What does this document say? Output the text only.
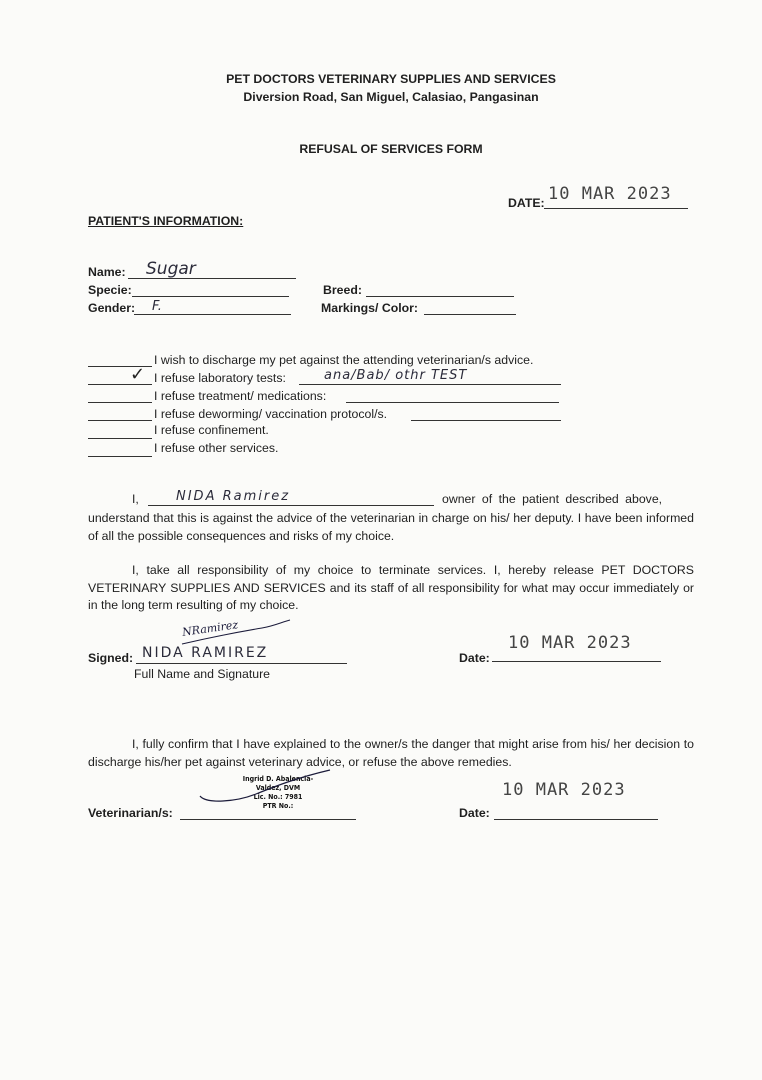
PET DOCTORS VETERINARY SUPPLIES AND SERVICES
Diversion Road, San Miguel, Calasiao, Pangasinan
REFUSAL OF SERVICES FORM
DATE: 10 MAR 2023
PATIENT'S INFORMATION:
Name: Sugar
Specie:
Gender: F.
Breed:
Markings/ Color:
I wish to discharge my pet against the attending veterinarian/s advice.
✓ I refuse laboratory tests:	ana/Bab/ othr TEST
I refuse treatment/ medications:
I refuse deworming/ vaccination protocol/s.
I refuse confinement.
I refuse other services.
I,	NIDA Ramirez	owner of the patient described above,
understand that this is against the advice of the veterinarian in charge on his/ her deputy. I have been informed of all the possible consequences and risks of my choice.
I, take all responsibility of my choice to terminate services. I, hereby release PET DOCTORS VETERINARY SUPPLIES AND SERVICES and its staff of all responsibility for what may occur immediately or in the long term resulting of my choice.
NRamirez
Signed: NIDA RAMIREZ
Full Name and Signature
Date:
10 MAR 2023
I, fully confirm that I have explained to the owner/s the danger that might arise from his/ her decision to discharge his/her pet against veterinary advice, or refuse the above remedies.
Ingrid D. Abalencia-Valdez, DVM
Lic. No.: 7981
PTR No.:
Veterinarian/s:	Date:
10 MAR 2023
